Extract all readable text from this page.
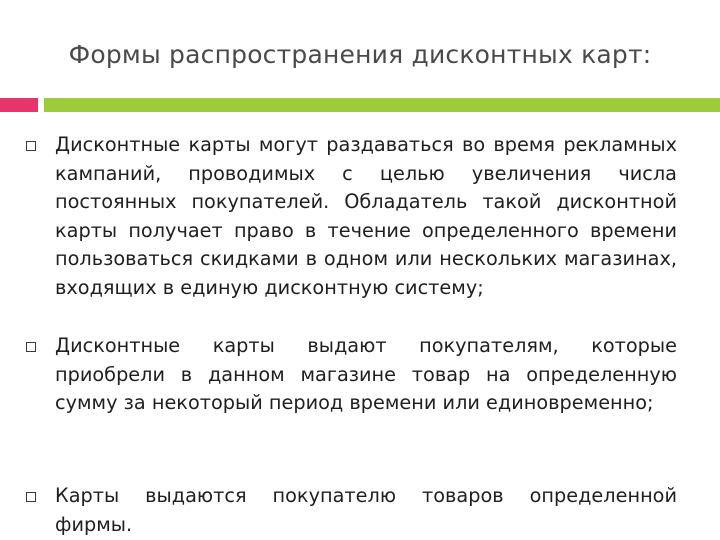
Формы распространения дисконтных карт:
Дисконтные карты могут раздаваться во время рекламных кампаний, проводимых с целью увеличения числа постоянных покупателей. Обладатель такой дисконтной карты получает право в течение определенного времени пользоваться скидками в одном или нескольких магазинах, входящих в единую дисконтную систему;
Дисконтные карты выдают покупателям, которые приобрели в данном магазине товар на определенную сумму за некоторый период времени или единовременно;
Карты выдаются покупателю товаров определенной фирмы.
